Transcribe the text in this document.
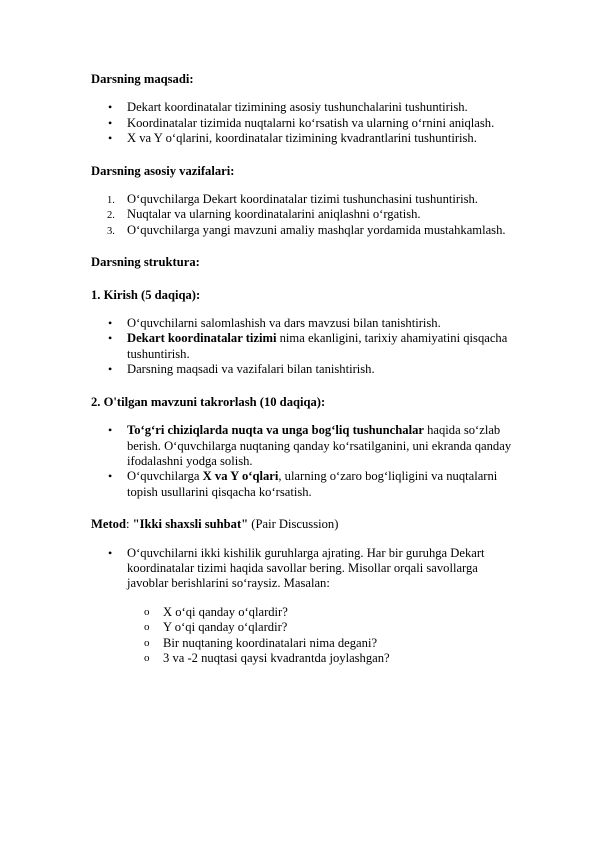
Darsning maqsadi:

• Dekart koordinatalar tizimining asosiy tushunchalarini tushuntirish.
• Koordinatalar tizimida nuqtalarni ko‘rsatish va ularning o‘rnini aniqlash.
• X va Y o‘qlarini, koordinatalar tizimining kvadrantlarini tushuntirish.

Darsning asosiy vazifalari:

1. O‘quvchilarga Dekart koordinatalar tizimi tushunchasini tushuntirish.
2. Nuqtalar va ularning koordinatalarini aniqlashni o‘rgatish.
3. O‘quvchilarga yangi mavzuni amaliy mashqlar yordamida mustahkamlash.

Darsning struktura:

1. Kirish (5 daqiqa):

• O‘quvchilarni salomlashish va dars mavzusi bilan tanishtirish.
• Dekart koordinatalar tizimi nima ekanligini, tarixiy ahamiyatini qisqacha tushuntirish.
• Darsning maqsadi va vazifalari bilan tanishtirish.

2. O'tilgan mavzuni takrorlash (10 daqiqa):

• To‘g‘ri chiziqlarda nuqta va unga bog‘liq tushunchalar haqida so‘zlab berish. O‘quvchilarga nuqtaning qanday ko‘rsatilganini, uni ekranda qanday ifodalashni yodga solish.
• O‘quvchilarga X va Y o‘qlari, ularning o‘zaro bog‘liqligini va nuqtalarni topish usullarini qisqacha ko‘rsatish.

Metod: "Ikki shaxsli suhbat" (Pair Discussion)

• O‘quvchilarni ikki kishilik guruhlarga ajrating. Har bir guruhga Dekart koordinatalar tizimi haqida savollar bering. Misollar orqali savollarga javoblar berishlarini so‘raysiz. Masalan:
o X o‘qi qanday o‘qlardir?
o Y o‘qi qanday o‘qlardir?
o Bir nuqtaning koordinatalari nima degani?
o 3 va -2 nuqtasi qaysi kvadrantda joylashgan?
